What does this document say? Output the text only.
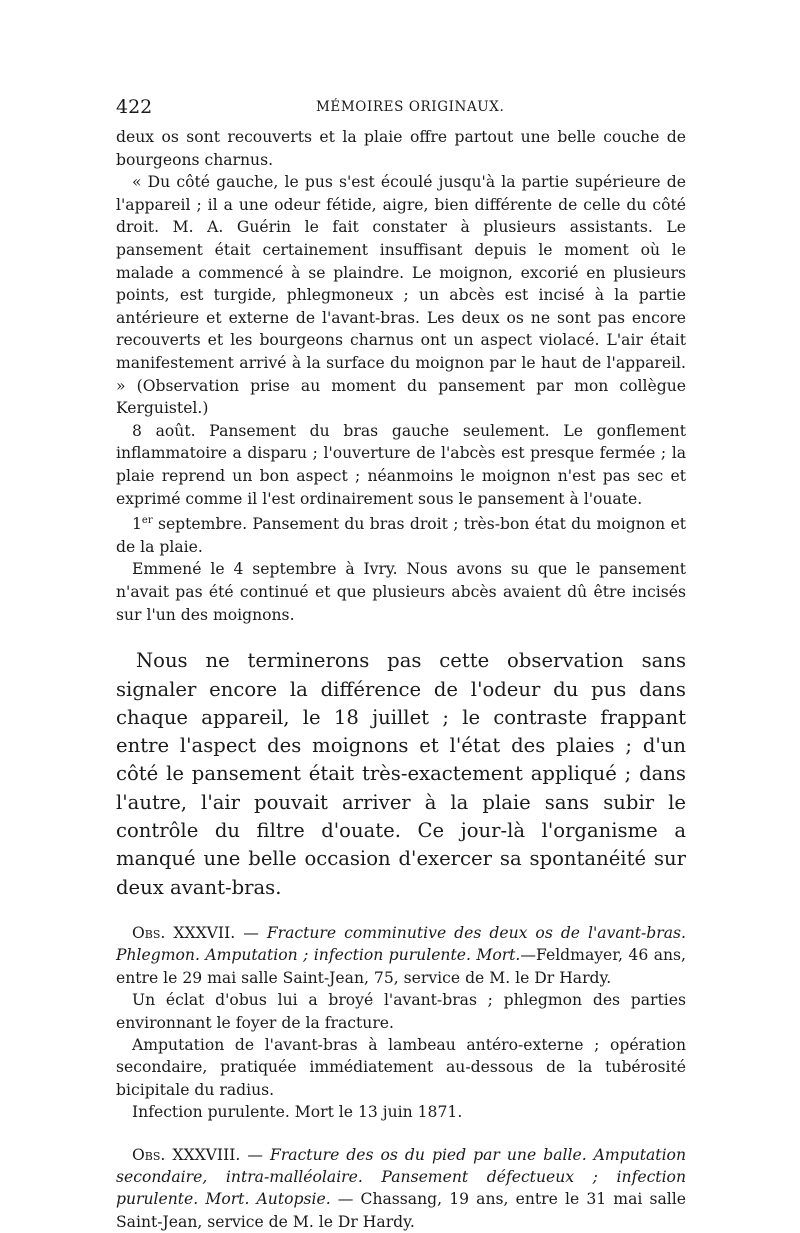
422	MÉMOIRES ORIGINAUX.

deux os sont recouverts et la plaie offre partout une belle couche de bourgeons charnus.

« Du côté gauche, le pus s'est écoulé jusqu'à la partie supérieure de l'appareil ; il a une odeur fétide, aigre, bien différente de celle du côté droit. M. A. Guérin le fait constater à plusieurs assistants. Le pansement était certainement insuffisant depuis le moment où le malade a commencé à se plaindre. Le moignon, excorié en plusieurs points, est turgide, phlegmoneux ; un abcès est incisé à la partie antérieure et externe de l'avant-bras. Les deux os ne sont pas encore recouverts et les bourgeons charnus ont un aspect violacé. L'air était manifestement arrivé à la surface du moignon par le haut de l'appareil. » (Observation prise au moment du pansement par mon collègue Kerguistel.)

8 août. Pansement du bras gauche seulement. Le gonflement inflammatoire a disparu ; l'ouverture de l'abcès est presque fermée ; la plaie reprend un bon aspect ; néanmoins le moignon n'est pas sec et exprimé comme il l'est ordinairement sous le pansement à l'ouate.

1er septembre. Pansement du bras droit ; très-bon état du moignon et de la plaie.

Emmené le 4 septembre à Ivry. Nous avons su que le pansement n'avait pas été continué et que plusieurs abcès avaient dû être incisés sur l'un des moignons.

Nous ne terminerons pas cette observation sans signaler encore la différence de l'odeur du pus dans chaque appareil, le 18 juillet ; le contraste frappant entre l'aspect des moignons et l'état des plaies ; d'un côté le pansement était très-exactement appliqué ; dans l'autre, l'air pouvait arriver à la plaie sans subir le contrôle du filtre d'ouate. Ce jour-là l'organisme a manqué une belle occasion d'exercer sa spontanéité sur deux avant-bras.

Obs. XXXVII. — Fracture comminutive des deux os de l'avant-bras. Phlegmon. Amputation ; infection purulente. Mort.—Feldmayer, 46 ans, entre le 29 mai salle Saint-Jean, 75, service de M. le Dr Hardy.

Un éclat d'obus lui a broyé l'avant-bras ; phlegmon des parties environnant le foyer de la fracture.

Amputation de l'avant-bras à lambeau antéro-externe ; opération secondaire, pratiquée immédiatement au-dessous de la tubérosité bicipitale du radius.

Infection purulente. Mort le 13 juin 1871.

Obs. XXXVIII. — Fracture des os du pied par une balle. Amputation secondaire, intra-malléolaire. Pansement défectueux ; infection purulente. Mort. Autopsie. — Chassang, 19 ans, entre le 31 mai salle Saint-Jean, service de M. le Dr Hardy.
